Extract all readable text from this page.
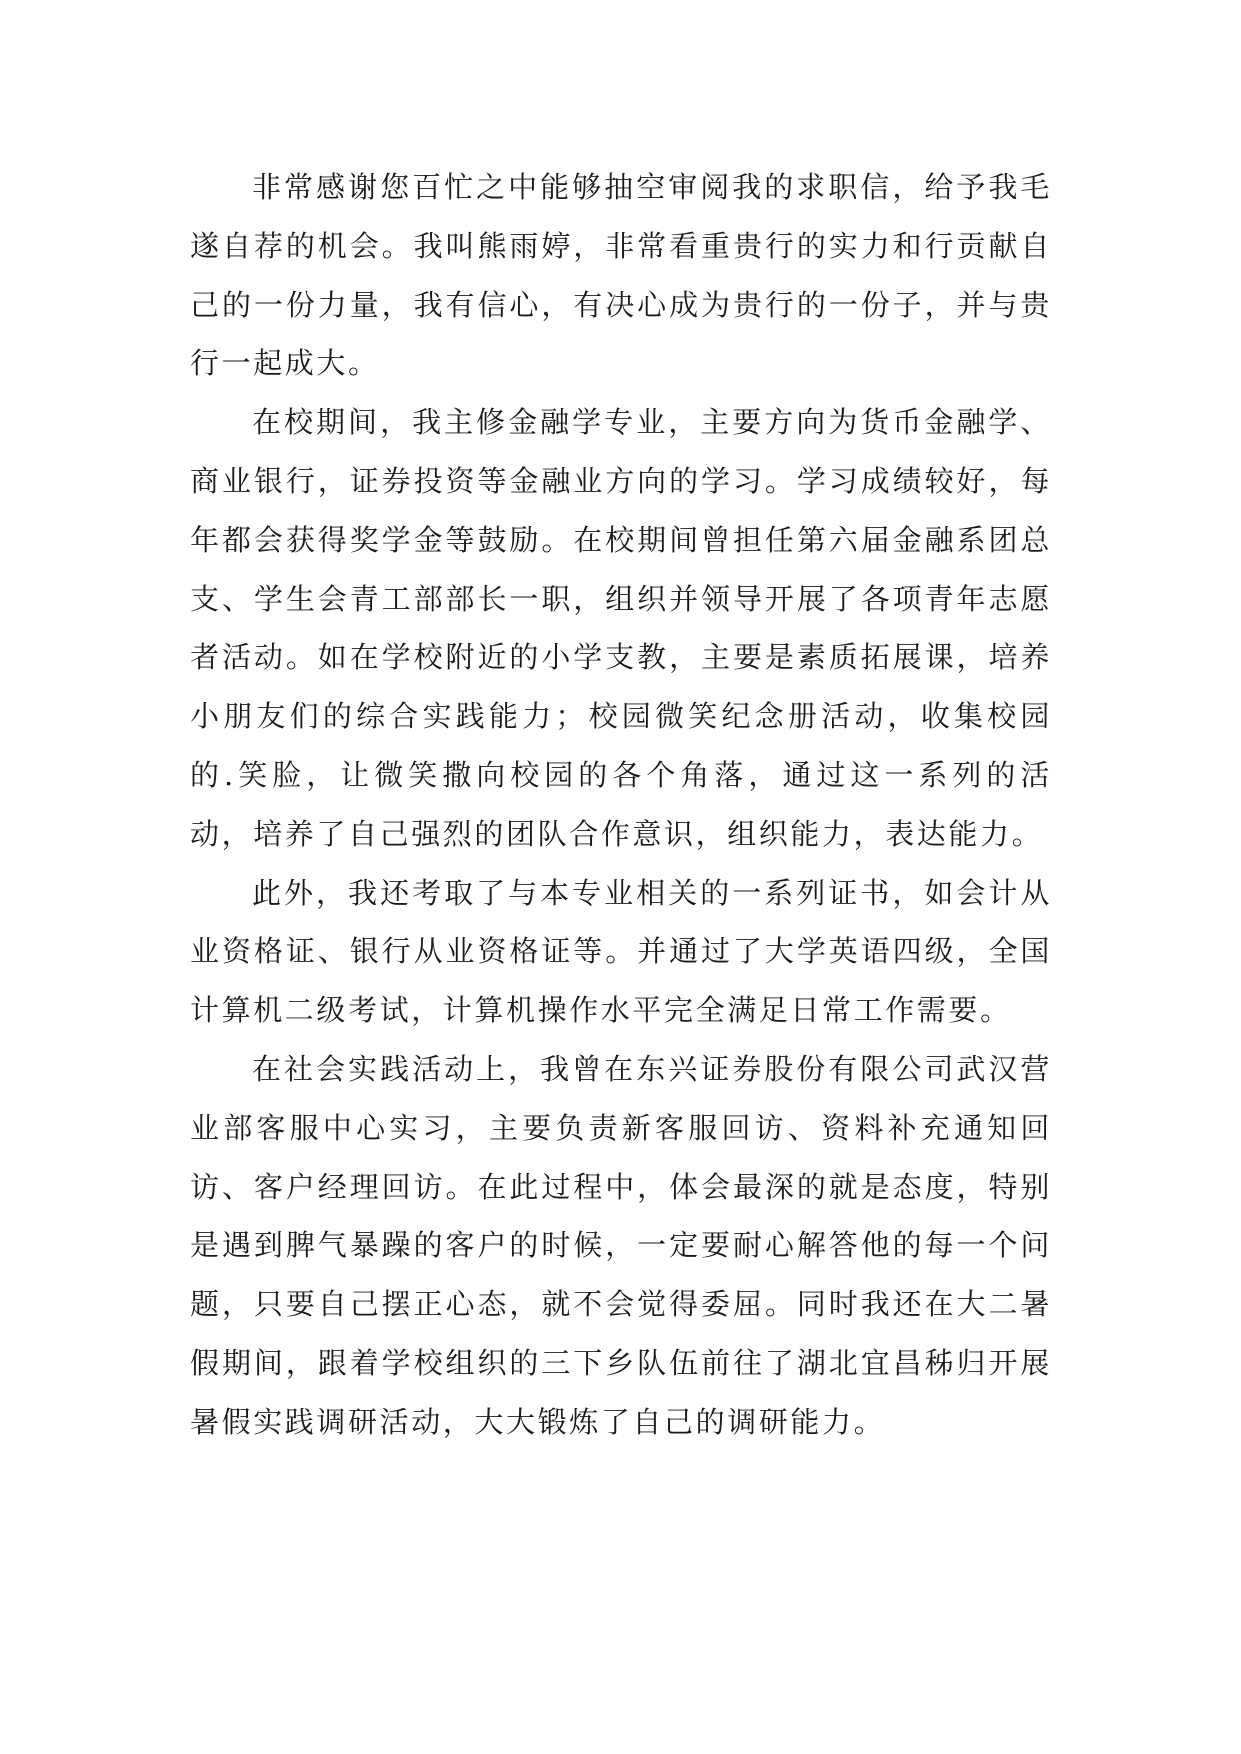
非常感谢您百忙之中能够抽空审阅我的求职信，给予我毛遂自荐的机会。我叫熊雨婷，非常看重贵行的实力和行贡献自己的一份力量，我有信心，有决心成为贵行的一份子，并与贵行一起成大。

在校期间，我主修金融学专业，主要方向为货币金融学、商业银行，证券投资等金融业方向的学习。学习成绩较好，每年都会获得奖学金等鼓励。在校期间曾担任第六届金融系团总支、学生会青工部部长一职，组织并领导开展了各项青年志愿者活动。如在学校附近的小学支教，主要是素质拓展课，培养小朋友们的综合实践能力；校园微笑纪念册活动，收集校园的.笑脸，让微笑撒向校园的各个角落，通过这一系列的活动，培养了自己强烈的团队合作意识，组织能力，表达能力。

此外，我还考取了与本专业相关的一系列证书，如会计从业资格证、银行从业资格证等。并通过了大学英语四级，全国计算机二级考试，计算机操作水平完全满足日常工作需要。

在社会实践活动上，我曾在东兴证券股份有限公司武汉营业部客服中心实习，主要负责新客服回访、资料补充通知回访、客户经理回访。在此过程中，体会最深的就是态度，特别是遇到脾气暴躁的客户的时候，一定要耐心解答他的每一个问题，只要自己摆正心态，就不会觉得委屈。同时我还在大二暑假期间，跟着学校组织的三下乡队伍前往了湖北宜昌秭归开展暑假实践调研活动，大大锻炼了自己的调研能力。
